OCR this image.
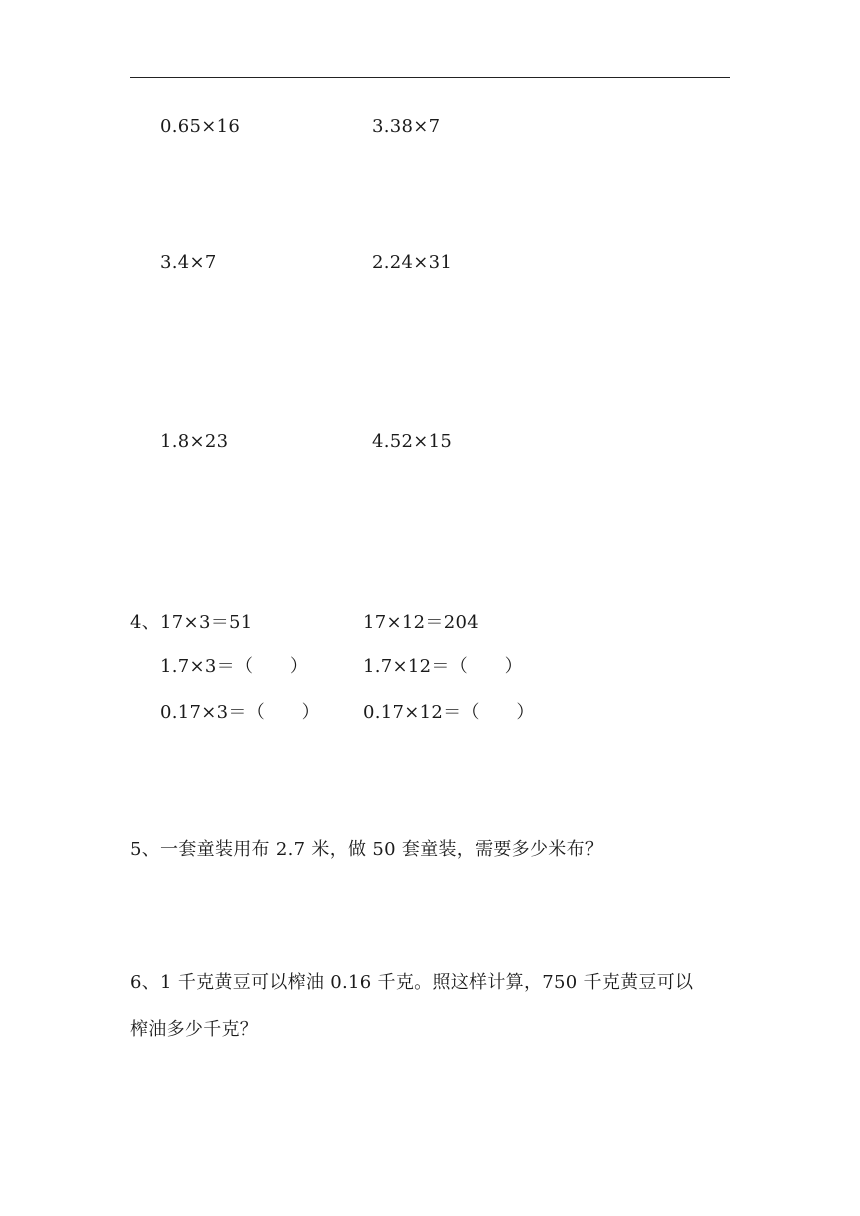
0.65×16	3.38×7
3.4×7	2.24×31
1.8×23	4.52×15
4、17×3＝51	17×12＝204
1.7×3＝（　　）	1.7×12＝（　　）
0.17×3＝（　　） 0.17×12＝（　　）
5、一套童装用布 2.7 米，做 50 套童装，需要多少米布？
6、1 千克黄豆可以榨油 0.16 千克。照这样计算，750 千克黄豆可以
榨油多少千克？
